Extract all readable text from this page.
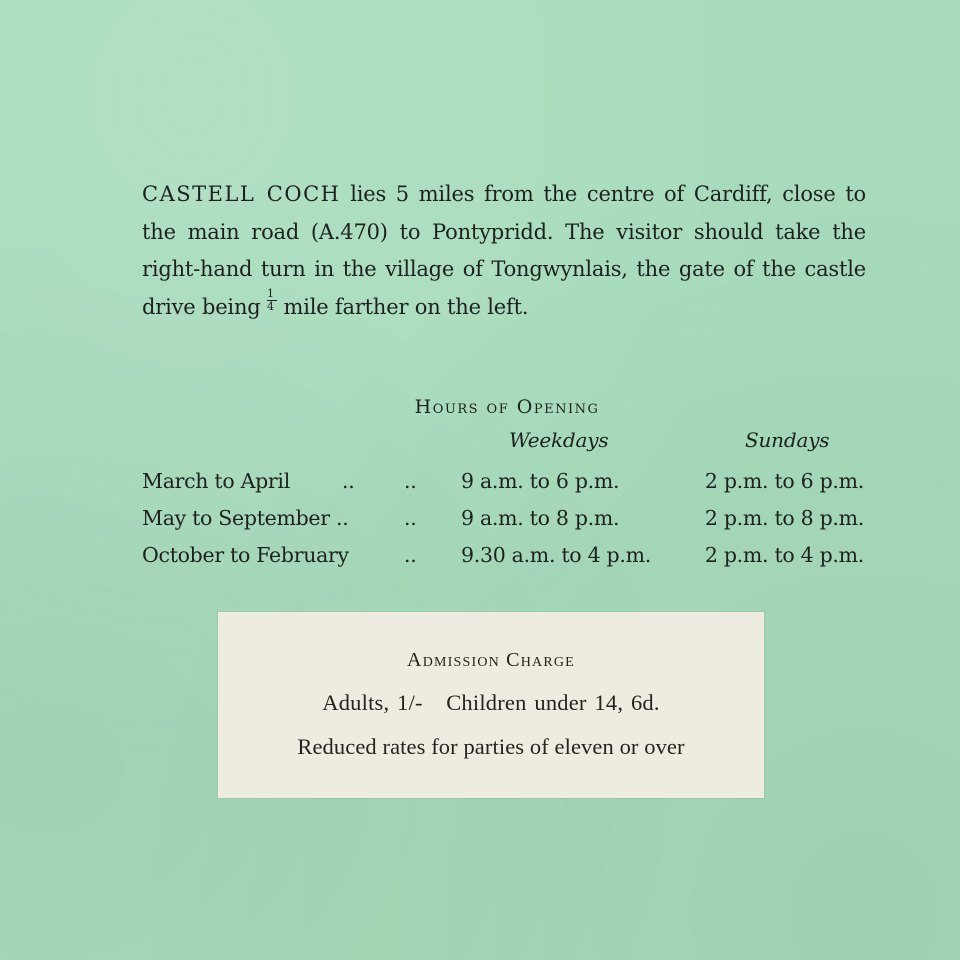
CASTELL COCH lies 5 miles from the centre of Cardiff, close to the main road (A.470) to Pontypridd. The visitor should take the right-hand turn in the village of Tongwynlais, the gate of the castle drive being $\frac{1}{4}$ mile farther on the left.

Hours of Opening
Weekdays	Sundays
March to April	.. .. 9 a.m. to 6 p.m.	2 p.m. to 6 p.m.
May to September ..	.. 9 a.m. to 8 p.m.	2 p.m. to 8 p.m.
October to February	.. 9.30 a.m. to 4 p.m.	2 p.m. to 4 p.m.
Admission Charge
Adults, 1/-   Children under 14, 6d.
Reduced rates for parties of eleven or over
